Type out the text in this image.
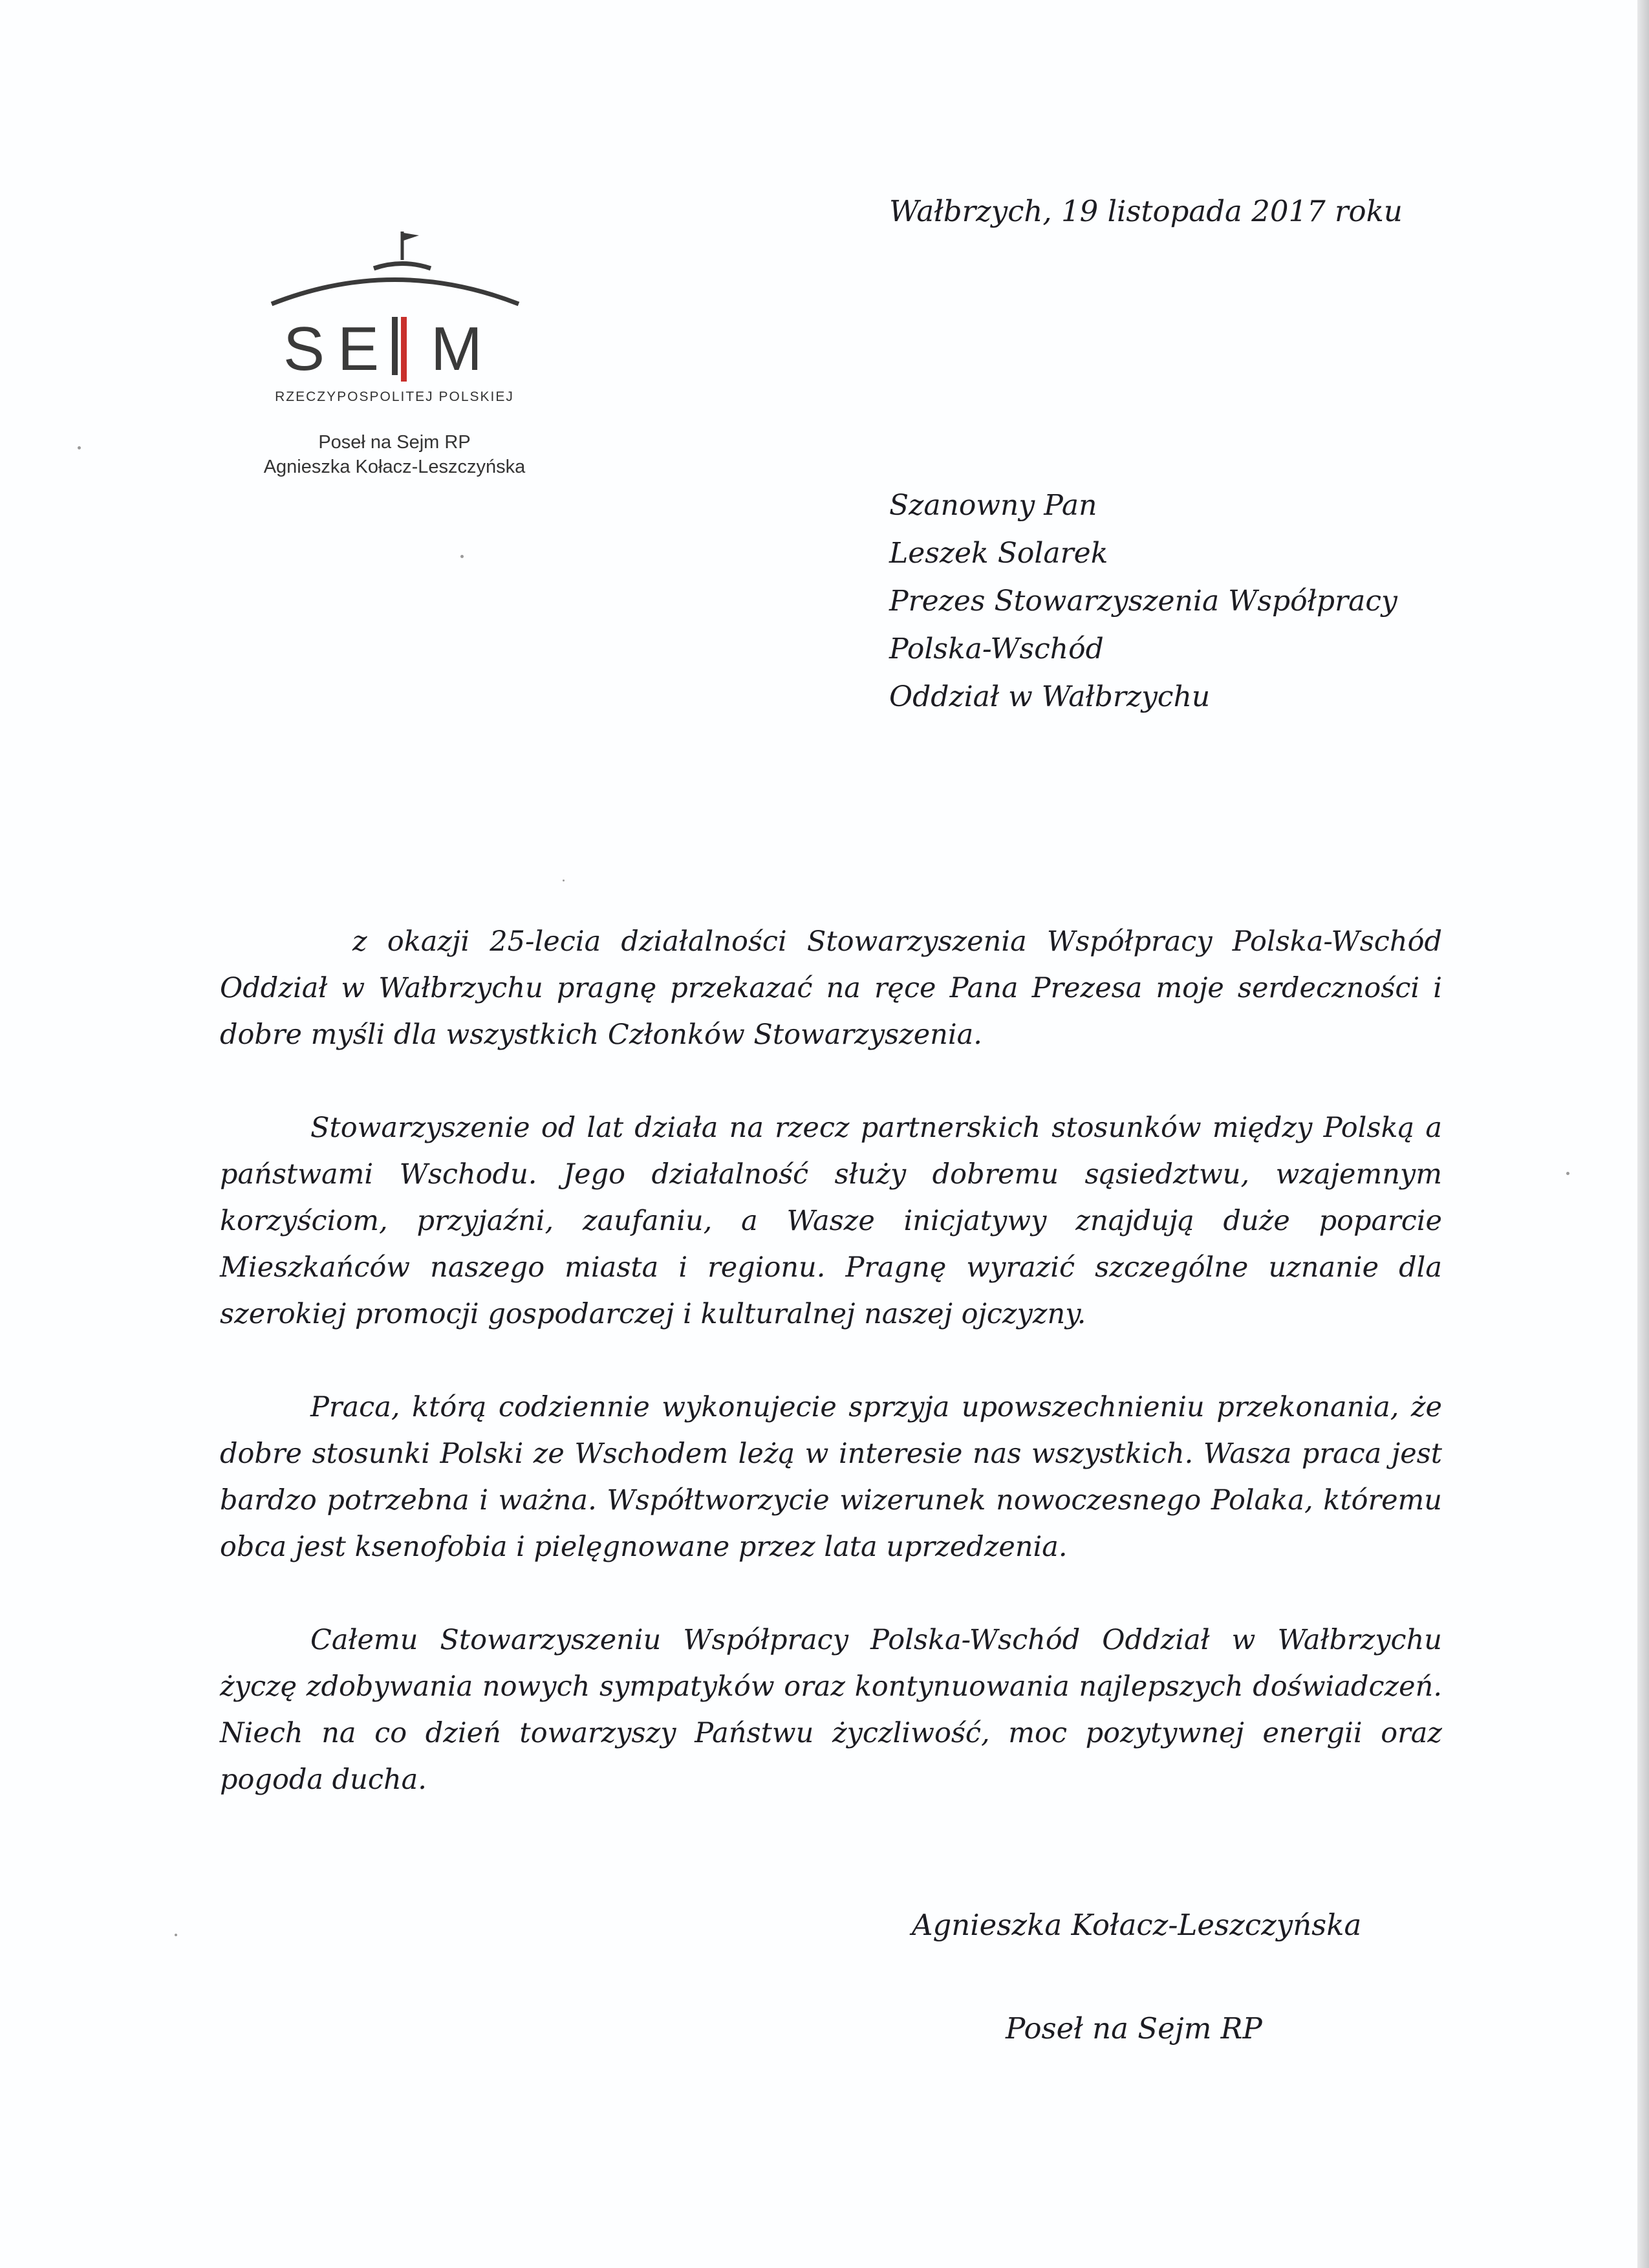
S E M
RZECZYPOSPOLITEJ POLSKIEJ
Poseł na Sejm RP
Agnieszka Kołacz-Leszczyńska
Wałbrzych, 19 listopada 2017 roku
Szanowny Pan
Leszek Solarek
Prezes Stowarzyszenia Współpracy
Polska-Wschód
Oddział w Wałbrzychu

z okazji 25-lecia działalności Stowarzyszenia Współpracy Polska-Wschód Oddział w Wałbrzychu pragnę przekazać na ręce Pana Prezesa moje serdeczności i dobre myśli dla wszystkich Członków Stowarzyszenia.

Stowarzyszenie od lat działa na rzecz partnerskich stosunków między Polską a państwami Wschodu. Jego działalność służy dobremu sąsiedztwu, wzajemnym korzyściom, przyjaźni, zaufaniu, a Wasze inicjatywy znajdują duże poparcie Mieszkańców naszego miasta i regionu. Pragnę wyrazić szczególne uznanie dla szerokiej promocji gospodarczej i kulturalnej naszej ojczyzny.

Praca, którą codziennie wykonujecie sprzyja upowszechnieniu przekonania, że dobre stosunki Polski ze Wschodem leżą w interesie nas wszystkich. Wasza praca jest bardzo potrzebna i ważna. Współtworzycie wizerunek nowoczesnego Polaka, któremu obca jest ksenofobia i pielęgnowane przez lata uprzedzenia.

Całemu Stowarzyszeniu Współpracy Polska-Wschód Oddział w Wałbrzychu życzę zdobywania nowych sympatyków oraz kontynuowania najlepszych doświadczeń. Niech na co dzień towarzyszy Państwu życzliwość, moc pozytywnej energii oraz pogoda ducha.

Agnieszka Kołacz-Leszczyńska
Poseł na Sejm RP
